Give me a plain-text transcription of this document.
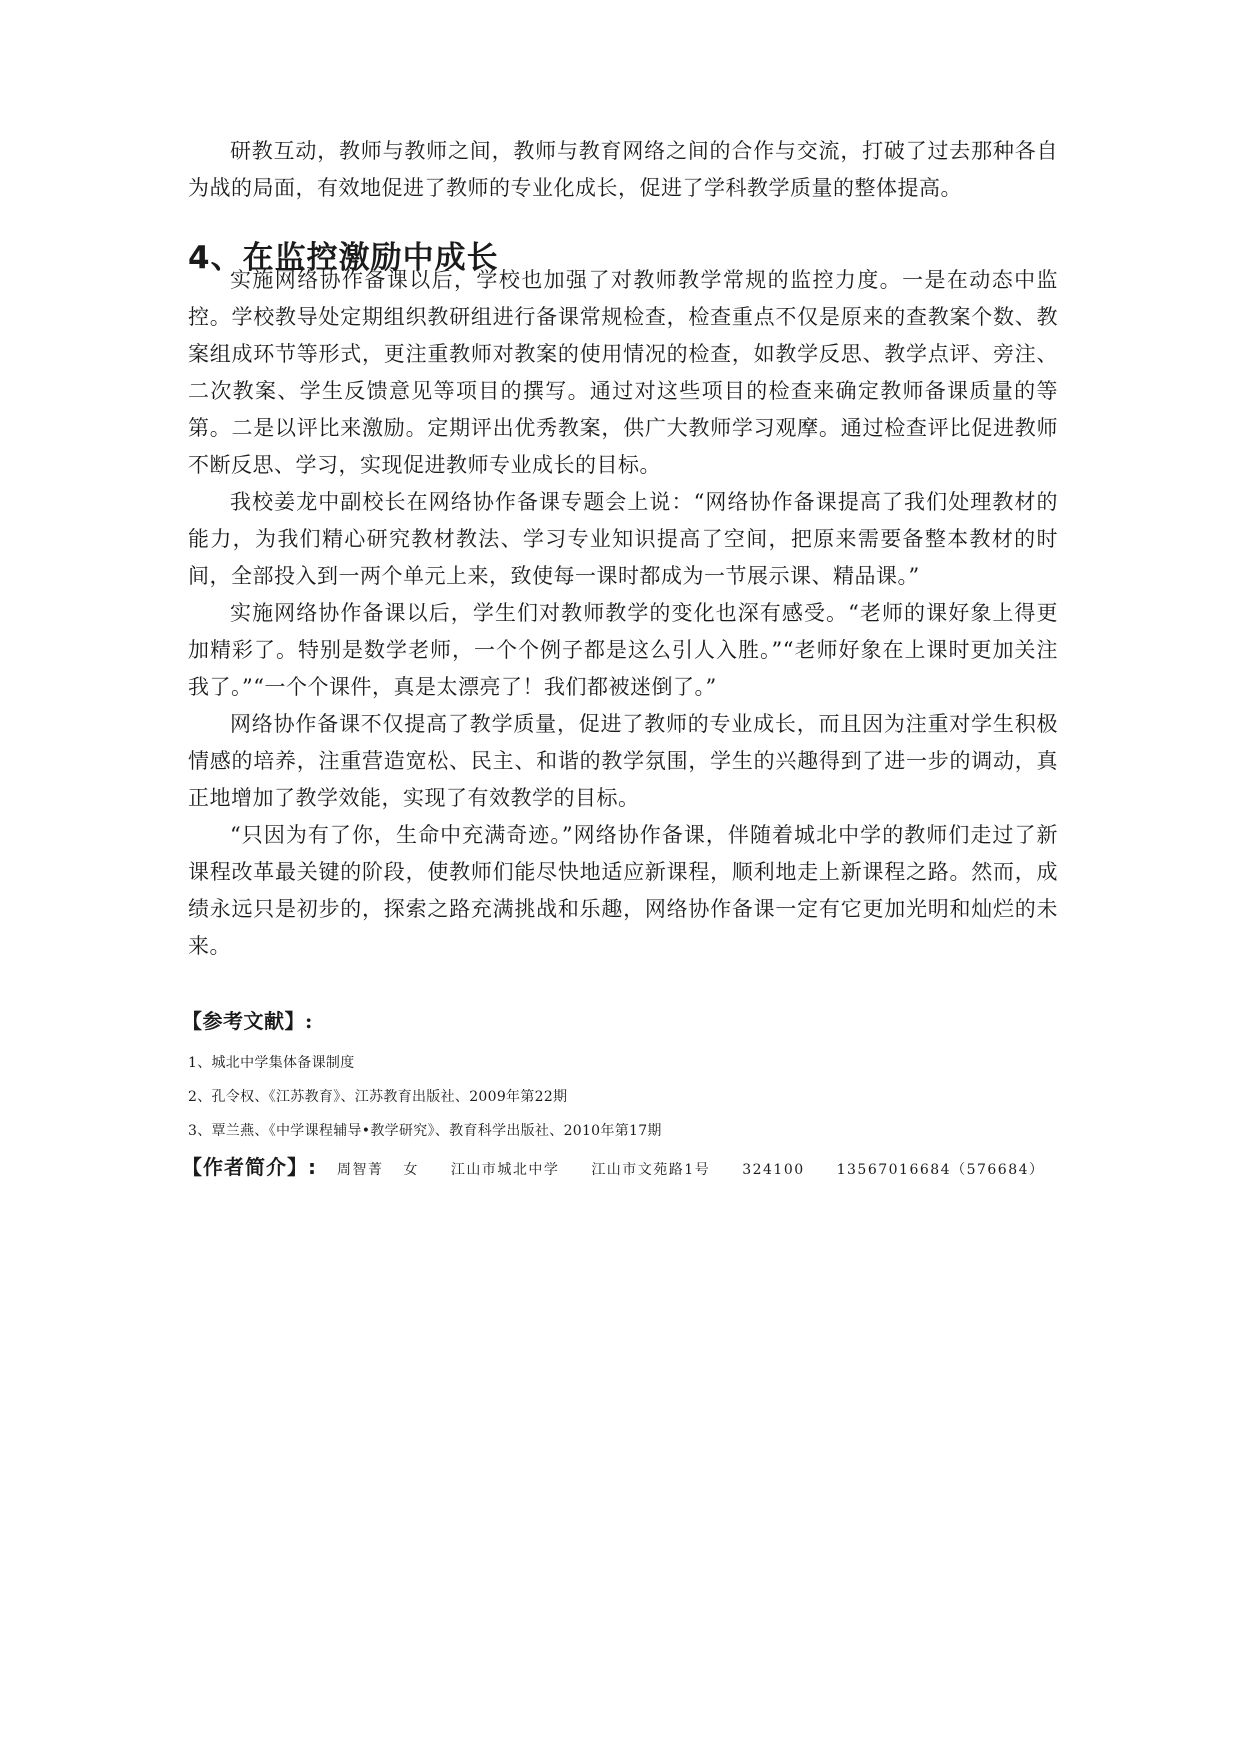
研教互动，教师与教师之间，教师与教育网络之间的合作与交流，打破了过去那种各自为战的局面，有效地促进了教师的专业化成长，促进了学科教学质量的整体提高。

4、在监控激励中成长

实施网络协作备课以后，学校也加强了对教师教学常规的监控力度。一是在动态中监控。学校教导处定期组织教研组进行备课常规检查，检查重点不仅是原来的查教案个数、教案组成环节等形式，更注重教师对教案的使用情况的检查，如教学反思、教学点评、旁注、二次教案、学生反馈意见等项目的撰写。通过对这些项目的检查来确定教师备课质量的等第。二是以评比来激励。定期评出优秀教案，供广大教师学习观摩。通过检查评比促进教师不断反思、学习，实现促进教师专业成长的目标。

我校姜龙中副校长在网络协作备课专题会上说：“网络协作备课提高了我们处理教材的能力，为我们精心研究教材教法、学习专业知识提高了空间，把原来需要备整本教材的时间，全部投入到一两个单元上来，致使每一课时都成为一节展示课、精品课。”

实施网络协作备课以后，学生们对教师教学的变化也深有感受。“老师的课好象上得更加精彩了。特别是数学老师，一个个例子都是这么引人入胜。”“老师好象在上课时更加关注我了。”“一个个课件，真是太漂亮了！我们都被迷倒了。”

网络协作备课不仅提高了教学质量，促进了教师的专业成长，而且因为注重对学生积极情感的培养，注重营造宽松、民主、和谐的教学氛围，学生的兴趣得到了进一步的调动，真正地增加了教学效能，实现了有效教学的目标。

“只因为有了你，生命中充满奇迹。”网络协作备课，伴随着城北中学的教师们走过了新课程改革最关键的阶段，使教师们能尽快地适应新课程，顺利地走上新课程之路。然而，成绩永远只是初步的，探索之路充满挑战和乐趣，网络协作备课一定有它更加光明和灿烂的未来。

【参考文献】:
1、城北中学集体备课制度
2、孔令权、《江苏教育》、江苏教育出版社、2009年第22期
3、覃兰燕、《中学课程辅导•教学研究》、教育科学出版社、2010年第17期
【作者简介】: 周智菁 女 江山市城北中学 江山市文苑路1号 324100 13567016684（576684）
